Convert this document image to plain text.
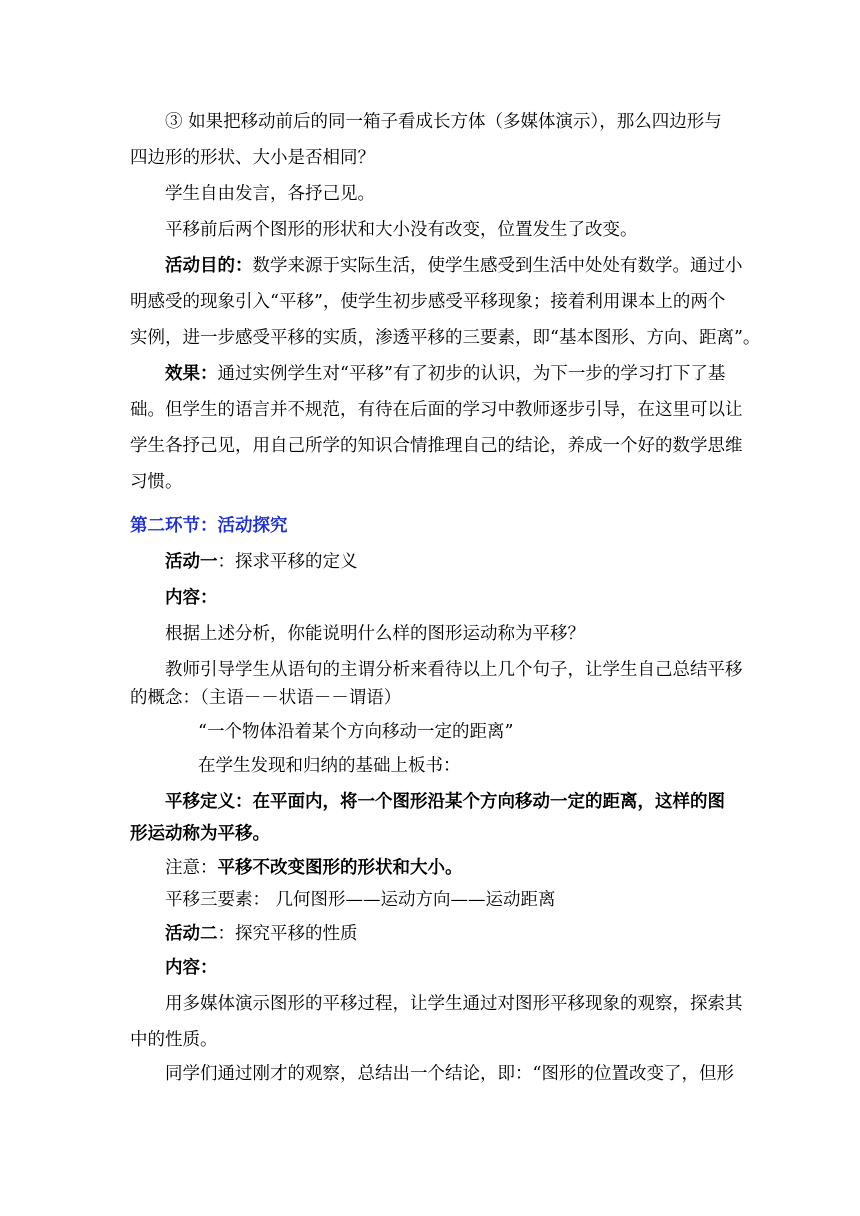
③ 如果把移动前后的同一箱子看成长方体（多媒体演示），那么四边形与
四边形的形状、大小是否相同？
学生自由发言，各抒己见。
平移前后两个图形的形状和大小没有改变，位置发生了改变。
活动目的：数学来源于实际生活，使学生感受到生活中处处有数学。通过小
明感受的现象引入“平移”，使学生初步感受平移现象；接着利用课本上的两个
实例，进一步感受平移的实质，渗透平移的三要素，即“基本图形、方向、距离”。
效果：通过实例学生对“平移”有了初步的认识，为下一步的学习打下了基
础。但学生的语言并不规范，有待在后面的学习中教师逐步引导，在这里可以让
学生各抒己见，用自己所学的知识合情推理自己的结论，养成一个好的数学思维
习惯。
第二环节：活动探究
活动一：探求平移的定义
内容：
根据上述分析，你能说明什么样的图形运动称为平移？
教师引导学生从语句的主谓分析来看待以上几个句子，让学生自己总结平移
的概念：（主语－－状语－－谓语）
“一个物体沿着某个方向移动一定的距离”
在学生发现和归纳的基础上板书：
平移定义：在平面内，将一个图形沿某个方向移动一定的距离，这样的图
形运动称为平移。
注意：平移不改变图形的形状和大小。
平移三要素： 几何图形——运动方向——运动距离
活动二：探究平移的性质
内容：
用多媒体演示图形的平移过程，让学生通过对图形平移现象的观察，探索其
中的性质。
同学们通过刚才的观察，总结出一个结论，即：“图形的位置改变了，但形
